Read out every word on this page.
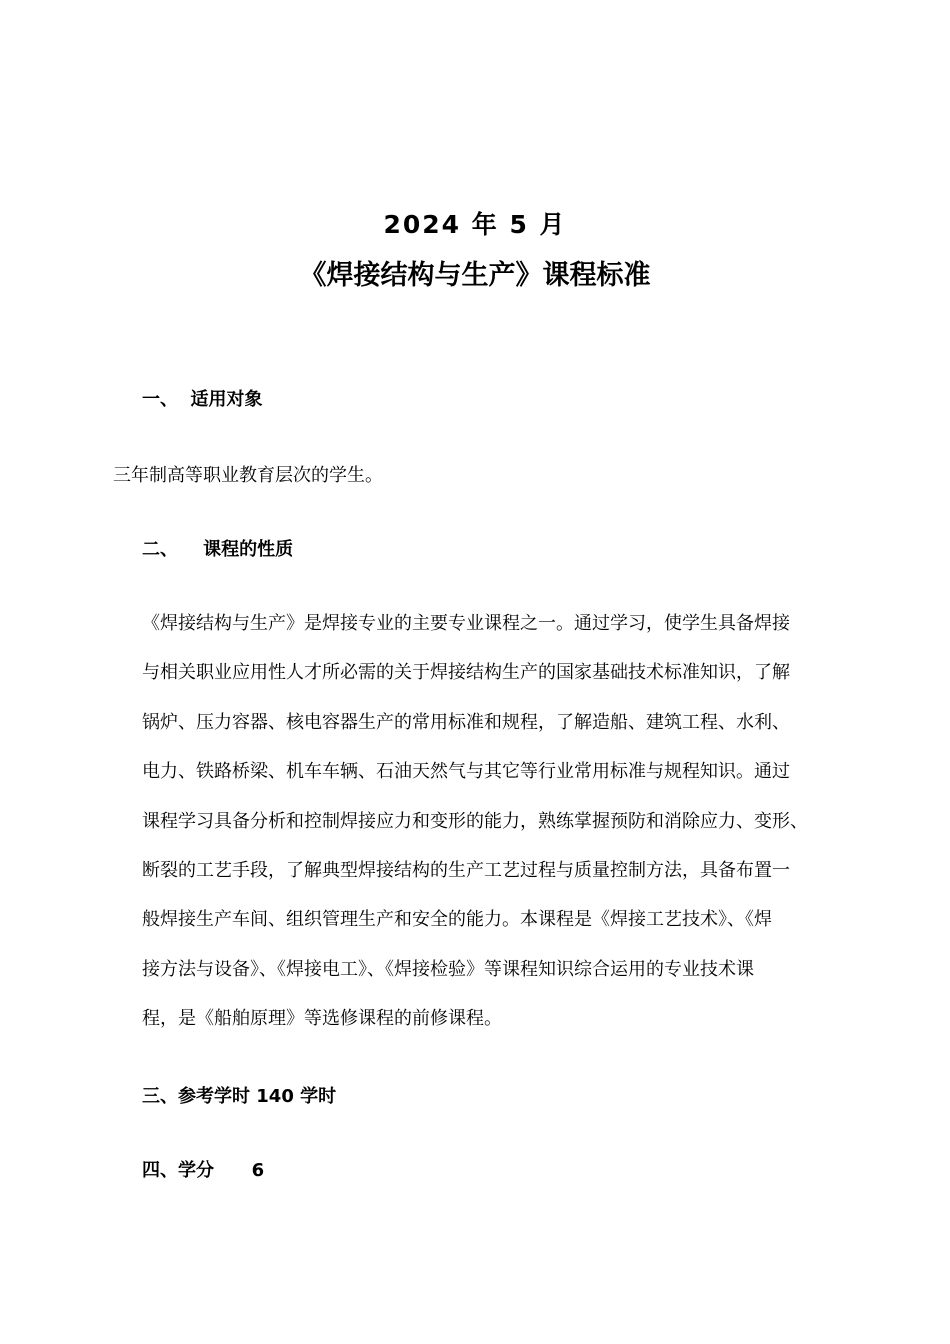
2024 年 5 月
《焊接结构与生产》课程标准
一、  适用对象
三年制高等职业教育层次的学生。
二、    课程的性质
《焊接结构与生产》是焊接专业的主要专业课程之一。通过学习，使学生具备焊接
与相关职业应用性人才所必需的关于焊接结构生产的国家基础技术标准知识，了解
锅炉、压力容器、核电容器生产的常用标准和规程，了解造船、建筑工程、水利、
电力、铁路桥梁、机车车辆、石油天然气与其它等行业常用标准与规程知识。通过
课程学习具备分析和控制焊接应力和变形的能力，熟练掌握预防和消除应力、变形、
断裂的工艺手段，了解典型焊接结构的生产工艺过程与质量控制方法，具备布置一
般焊接生产车间、组织管理生产和安全的能力。本课程是《焊接工艺技术》、《焊
接方法与设备》、《焊接电工》、《焊接检验》等课程知识综合运用的专业技术课
程，是《船舶原理》等选修课程的前修课程。
三、参考学时 140 学时
四、学分      6
